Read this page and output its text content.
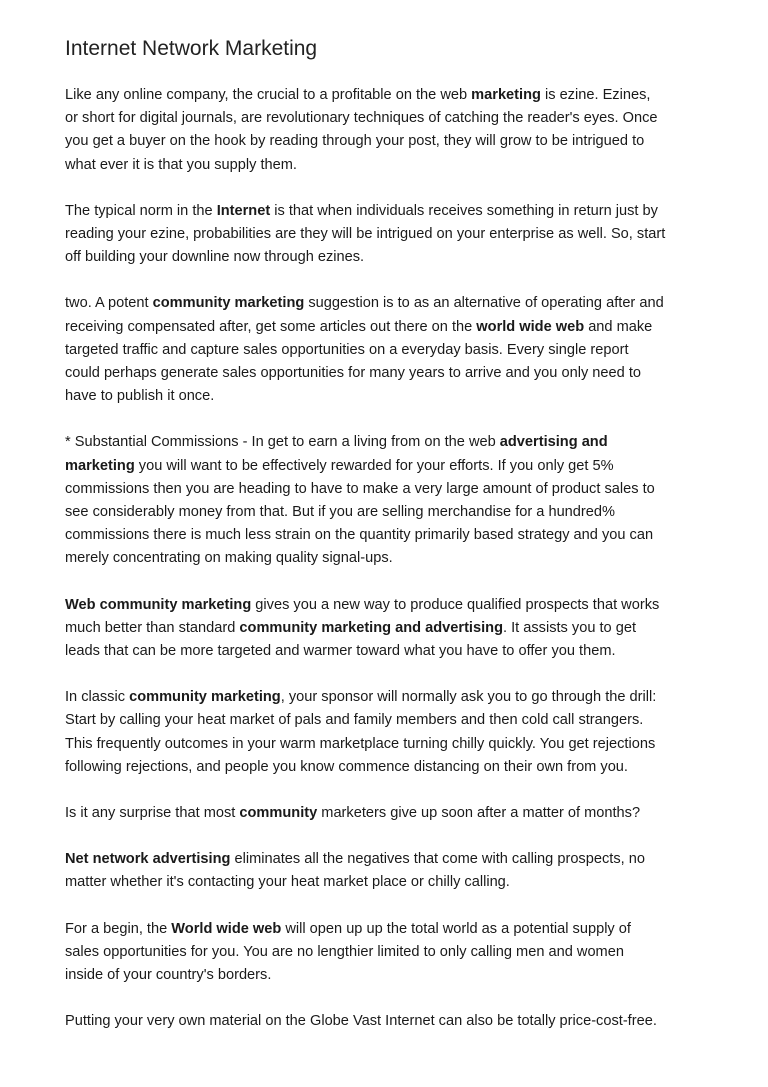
Internet Network Marketing

Like any online company, the crucial to a profitable on the web marketing is ezine. Ezines,
or short for digital journals, are revolutionary techniques of catching the reader's eyes. Once
you get a buyer on the hook by reading through your post, they will grow to be intrigued to
what ever it is that you supply them.

The typical norm in the Internet is that when individuals receives something in return just by
reading your ezine, probabilities are they will be intrigued on your enterprise as well. So, start
off building your downline now through ezines.

two. A potent community marketing suggestion is to as an alternative of operating after and
receiving compensated after, get some articles out there on the world wide web and make
targeted traffic and capture sales opportunities on a everyday basis. Every single report
could perhaps generate sales opportunities for many years to arrive and you only need to
have to publish it once.

* Substantial Commissions - In get to earn a living from on the web advertising and
marketing you will want to be effectively rewarded for your efforts. If you only get 5%
commissions then you are heading to have to make a very large amount of product sales to
see considerably money from that. But if you are selling merchandise for a hundred%
commissions there is much less strain on the quantity primarily based strategy and you can
merely concentrating on making quality signal-ups.

Web community marketing gives you a new way to produce qualified prospects that works
much better than standard community marketing and advertising. It assists you to get
leads that can be more targeted and warmer toward what you have to offer you them.

In classic community marketing, your sponsor will normally ask you to go through the drill:
Start by calling your heat market of pals and family members and then cold call strangers.
This frequently outcomes in your warm marketplace turning chilly quickly. You get rejections
following rejections, and people you know commence distancing on their own from you.

Is it any surprise that most community marketers give up soon after a matter of months?

Net network advertising eliminates all the negatives that come with calling prospects, no
matter whether it's contacting your heat market place or chilly calling.

For a begin, the World wide web will open up up the total world as a potential supply of
sales opportunities for you. You are no lengthier limited to only calling men and women
inside of your country's borders.

Putting your very own material on the Globe Vast Internet can also be totally price-cost-free.
